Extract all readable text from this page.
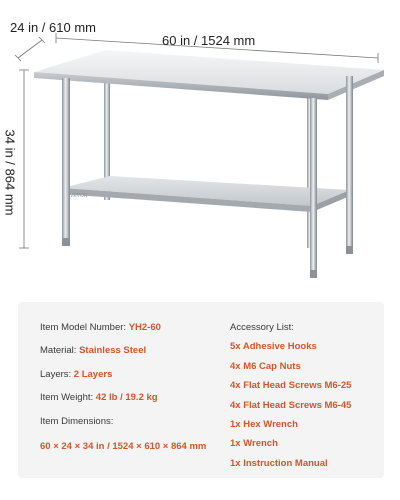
VEVOR
24 in / 610 mm
60 in / 1524 mm
34 in / 864 mm
Item Model Number: YH2-60
Material: Stainless Steel
Layers: 2 Layers
Item Weight: 42 lb / 19.2 kg
Item Dimensions:
60 × 24 × 34 in / 1524 × 610 × 864 mm
Accessory List:
5x Adhesive Hooks
4x M6 Cap Nuts
4x Flat Head Screws M6-25
4x Flat Head Screws M6-45
1x Hex Wrench
1x Wrench
1x Instruction Manual
